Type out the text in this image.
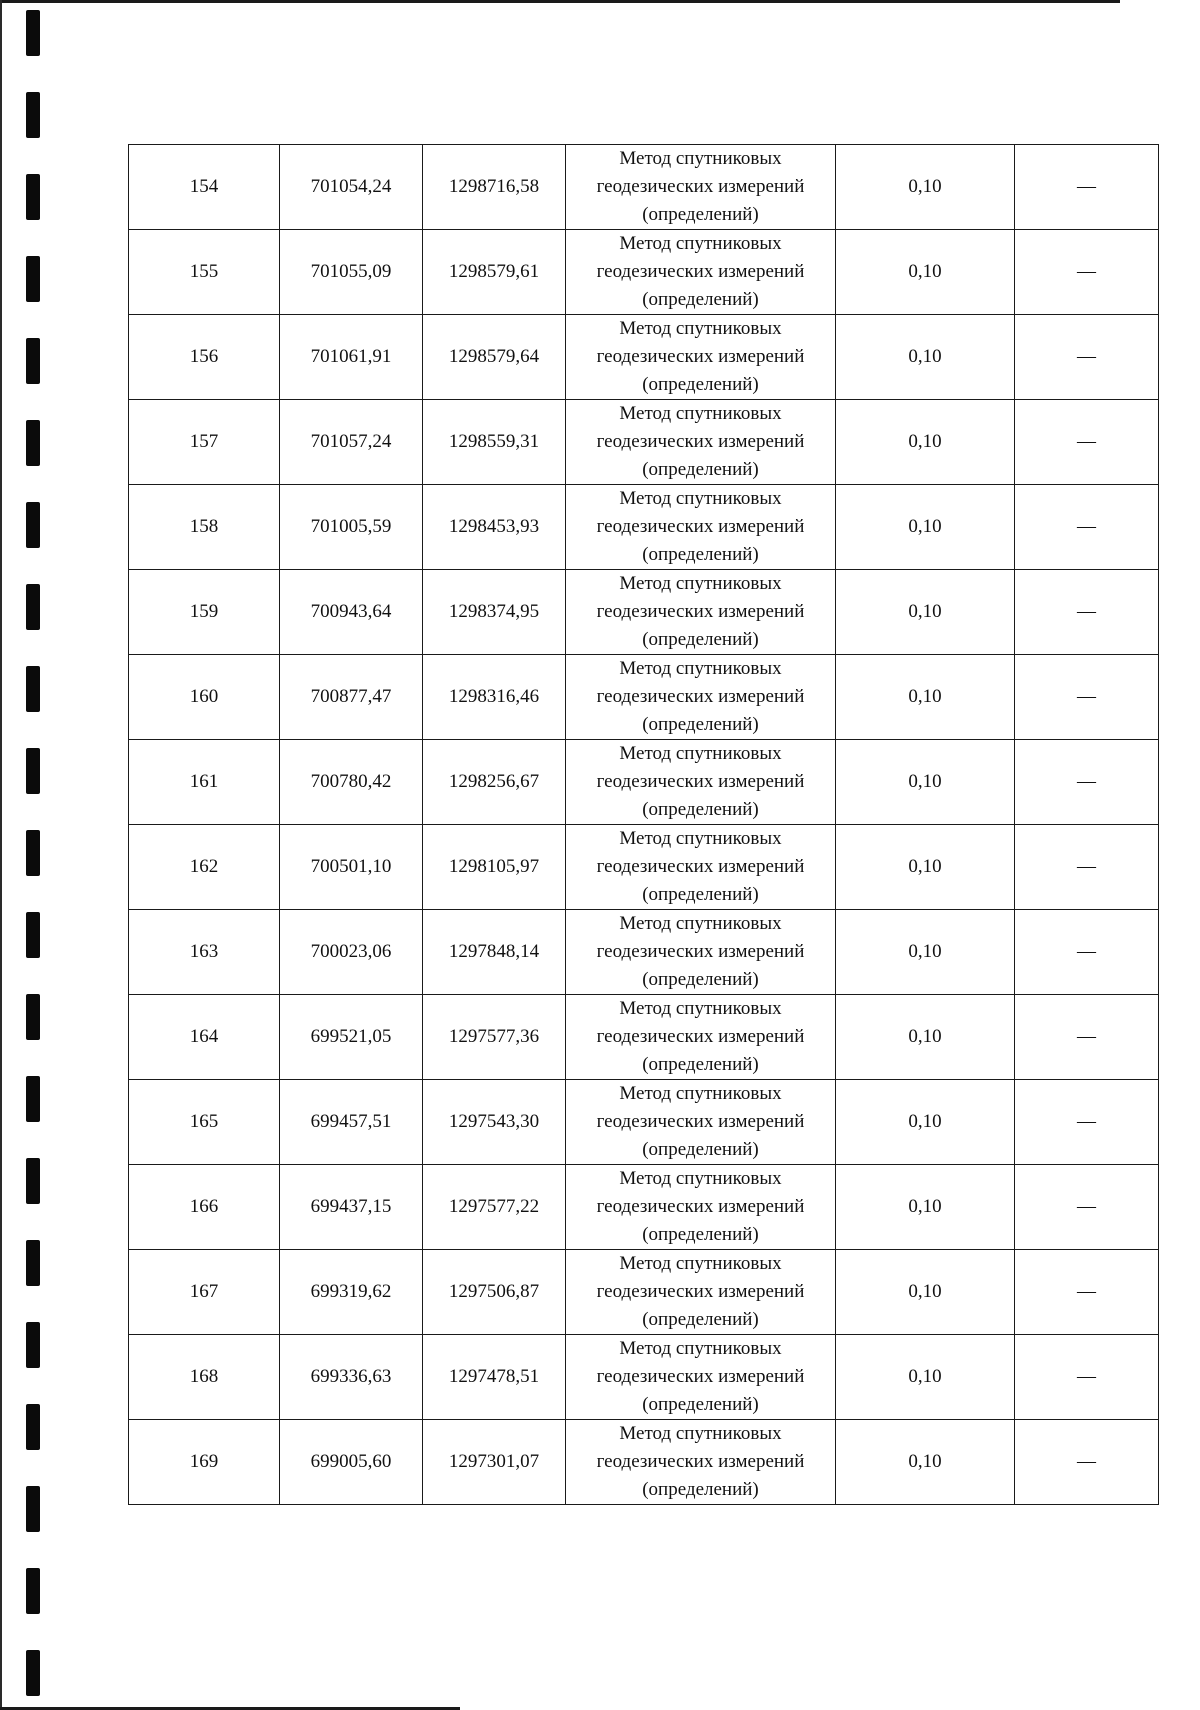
154	701054,24	1298716,58	Метод спутниковых
геодезических измерений
(определений)	0,10	—
155	701055,09	1298579,61	Метод спутниковых
геодезических измерений
(определений)	0,10	—
156	701061,91	1298579,64	Метод спутниковых
геодезических измерений
(определений)	0,10	—
157	701057,24	1298559,31	Метод спутниковых
геодезических измерений
(определений)	0,10	—
158	701005,59	1298453,93	Метод спутниковых
геодезических измерений
(определений)	0,10	—
159	700943,64	1298374,95	Метод спутниковых
геодезических измерений
(определений)	0,10	—
160	700877,47	1298316,46	Метод спутниковых
геодезических измерений
(определений)	0,10	—
161	700780,42	1298256,67	Метод спутниковых
геодезических измерений
(определений)	0,10	—
162	700501,10	1298105,97	Метод спутниковых
геодезических измерений
(определений)	0,10	—
163	700023,06	1297848,14	Метод спутниковых
геодезических измерений
(определений)	0,10	—
164	699521,05	1297577,36	Метод спутниковых
геодезических измерений
(определений)	0,10	—
165	699457,51	1297543,30	Метод спутниковых
геодезических измерений
(определений)	0,10	—
166	699437,15	1297577,22	Метод спутниковых
геодезических измерений
(определений)	0,10	—
167	699319,62	1297506,87	Метод спутниковых
геодезических измерений
(определений)	0,10	—
168	699336,63	1297478,51	Метод спутниковых
геодезических измерений
(определений)	0,10	—
169	699005,60	1297301,07	Метод спутниковых
геодезических измерений
(определений)	0,10	—
